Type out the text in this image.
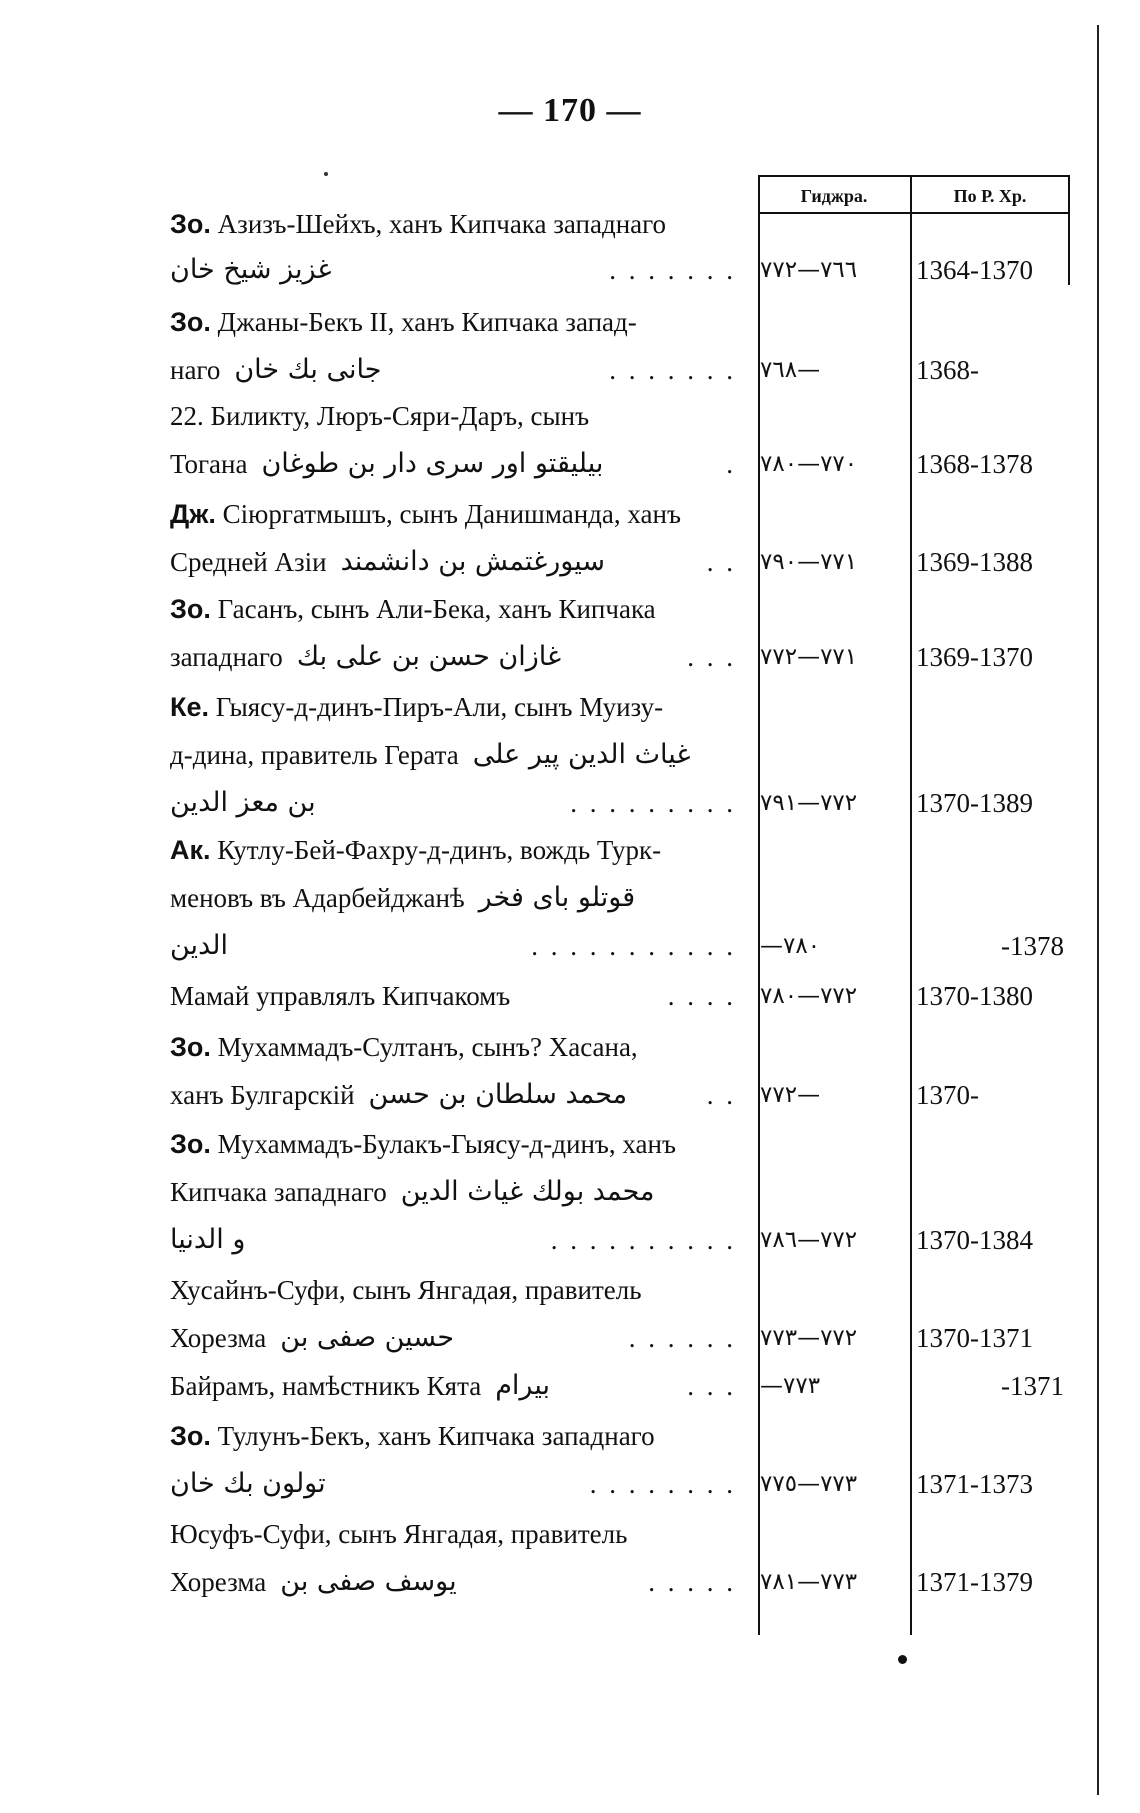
— 170 —
Гиджра.	По Р. Хр.
Зо. Азизъ-Шейхъ, ханъ Кипчака западнаго
غزيز شيخ خان	. . . . . . . ٧٦٦—٧٧٢	1364-1370
Зо. Джаны-Бекъ II, ханъ Кипчака запад-
наго جانى بك خان	. . . . . . . ٧٦٨—	1368-
22. Биликту, Люръ-Сяри-Даръ, сынъ
Тогана بيليقتو اور سرى دار بن طوغان	. ٧٧٠—٧٨٠	1368-1378
Дж. Сіюргатмышъ, сынъ Данишманда, ханъ
Средней Азіи سيورغتمش بن دانشمند	. . ٧٧١—٧٩٠	1369-1388
Зо. Гасанъ, сынъ Али-Бека, ханъ Кипчака
западнаго غازان حسن بن على بك	. . . ٧٧١—٧٧٢	1369-1370
Ке. Гыясу-д-динъ-Пиръ-Али, сынъ Муизу-
д-дина, правитель Герата غياث الدين پير على
بن معز الدين	. . . . . . . . . ٧٧٢—٧٩١	1370-1389
Ак. Кутлу-Бей-Фахру-д-динъ, вождь Турк-
меновъ въ Адарбейджанѣ قوتلو باى فخر
الدين	. . . . . . . . . . . —٧٨٠	-1378
Мамай управлялъ Кипчакомъ	. . . . ٧٧٢—٧٨٠	1370-1380
Зо. Мухаммадъ-Султанъ, сынъ? Хасана,
ханъ Булгарскій محمد سلطان بن حسن	. . ٧٧٢—	1370-
Зо. Мухаммадъ-Булакъ-Гыясу-д-динъ, ханъ
Кипчака западнаго محمد بولك غياث الدين
و الدنيا	. . . . . . . . . . ٧٧٢—٧٨٦	1370-1384
Хусайнъ-Суфи, сынъ Янгадая, правитель
Хорезма حسين صفى بن	. . . . . . ٧٧٢—٧٧٣	1370-1371
Байрамъ, намѣстникъ Кята بيرام	. . . —٧٧٣	-1371
Зо. Тулунъ-Бекъ, ханъ Кипчака западнаго
تولون بك خان	. . . . . . . . ٧٧٣—٧٧٥	1371-1373
Юсуфъ-Суфи, сынъ Янгадая, правитель
Хорезма يوسف صفى بن	. . . . . ٧٧٣—٧٨١	1371-1379
